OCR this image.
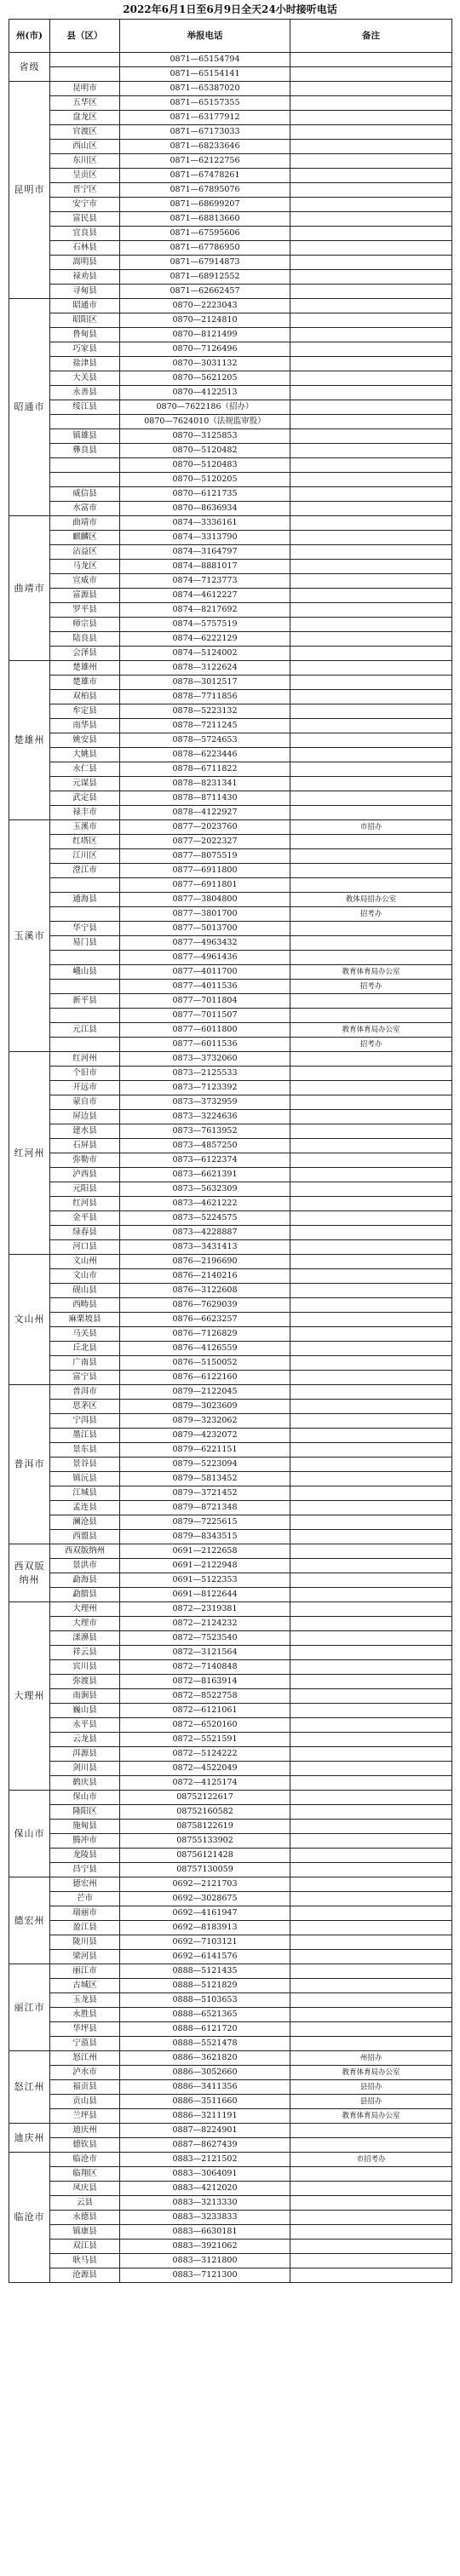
2022年6月1日至6月9日全天24小时接听电话
州(市)	县（区）	举报电话	备注
省级		0871—65154794	
		0871—65154141	
昆明市	昆明市	0871—65387020	
	五华区	0871—65157355	
	盘龙区	0871—63177912	
	官渡区	0871—67173033	
	西山区	0871—68233646	
	东川区	0871—62122756	
	呈贡区	0871—67478261	
	晋宁区	0871—67895076	
	安宁市	0871—68699207	
	富民县	0871—68813660	
	宜良县	0871—67595606	
	石林县	0871—67786950	
	嵩明县	0871—67914873	
	禄劝县	0871—68912552	
	寻甸县	0871—62662457	
昭通市	昭通市	0870—2223043	
	昭阳区	0870—2124810	
	鲁甸县	0870—8121499	
	巧家县	0870—7126496	
	盐津县	0870—3031132	
	大关县	0870—5621205	
	永善县	0870—4122513	
	绥江县	0870—7622186（招办）	
		0870—7624010（法规监审股）	
	镇雄县	0870—3125853	
	彝良县	0870—5120482	
		0870—5120483	
		0870—5120205	
	威信县	0870—6121735	
	水富市	0870—8636934	
曲靖市	曲靖市	0874—3336161	
	麒麟区	0874—3313790	
	沾益区	0874—3164797	
	马龙区	0874—8881017	
	宣威市	0874—7123773	
	富源县	0874—4612227	
	罗平县	0874—8217692	
	师宗县	0874—5757519	
	陆良县	0874—6222129	
	会泽县	0874—5124002	
楚雄州	楚雄州	0878—3122624	
	楚雄市	0878—3012517	
	双柏县	0878—7711856	
	牟定县	0878—5223132	
	南华县	0878—7211245	
	姚安县	0878—5724653	
	大姚县	0878—6223446	
	永仁县	0878—6711822	
	元谋县	0878—8231341	
	武定县	0878—8711430	
	禄丰市	0878—4122927	
玉溪市	玉溪市	0877—2023760	市招办
	红塔区	0877—2022327	
	江川区	0877—8075519	
	澄江市	0877—6911800	
		0877—6911801	
	通海县	0877—3804800	教体局招办公室
		0877—3801700	招考办
	华宁县	0877—5013700	
	易门县	0877—4963432	
		0877—4961436	
	峨山县	0877—4011700	教育体育局办公室
		0877—4011536	招考办
	新平县	0877—7011804	
		0877—7011507	
	元江县	0877—6011800	教育体育局办公室
		0877—6011536	招考办
红河州	红河州	0873—3732060	
	个旧市	0873—2125533	
	开远市	0873—7123392	
	蒙自市	0873—3732959	
	屏边县	0873—3224636	
	建水县	0873—7613952	
	石屏县	0873—4857250	
	弥勒市	0873—6122374	
	泸西县	0873—6621391	
	元阳县	0873—5632309	
	红河县	0873—4621222	
	金平县	0873—5224575	
	绿春县	0873—4228887	
	河口县	0873—3431413	
文山州	文山州	0876—2196690	
	文山市	0876—2140216	
	砚山县	0876—3122608	
	西畴县	0876—7629039	
	麻栗坡县	0876—6623257	
	马关县	0876—7126829	
	丘北县	0876—4126559	
	广南县	0876—5150052	
	富宁县	0876—6122160	
普洱市	普洱市	0879—2122045	
	思茅区	0879—3023609	
	宁洱县	0879—3232062	
	墨江县	0879—4232072	
	景东县	0879—6221151	
	景谷县	0879—5223094	
	镇沅县	0879—5813452	
	江城县	0879—3721452	
	孟连县	0879—8721348	
	澜沧县	0879—7225615	
	西盟县	0879—8343515	
西双版纳州	西双版纳州	0691—2122658	
	景洪市	0691—2122948	
	勐海县	0691—5122353	
	勐腊县	0691—8122644	
大理州	大理州	0872—2319381	
	大理市	0872—2124232	
	漾濞县	0872—7523540	
	祥云县	0872—3121564	
	宾川县	0872—7140848	
	弥渡县	0872—8163914	
	南涧县	0872—8522758	
	巍山县	0872—6121061	
	永平县	0872—6520160	
	云龙县	0872—5521591	
	洱源县	0872—5124222	
	剑川县	0872—4522049	
	鹤庆县	0872—4125174	
保山市	保山市	08752122617	
	隆阳区	08752160582	
	施甸县	08758122619	
	腾冲市	08755133902	
	龙陵县	08756121428	
	昌宁县	08757130059	
德宏州	德宏州	0692—2121703	
	芒市	0692—3028675	
	瑞丽市	0692—4161947	
	盈江县	0692—8183913	
	陇川县	0692—7103121	
	梁河县	0692—6141576	
丽江市	丽江市	0888—5121435	
	古城区	0888—5121829	
	玉龙县	0888—5103653	
	永胜县	0888—6521365	
	华坪县	0888—6121720	
	宁蒗县	0888—5521478	
怒江州	怒江州	0886—3621820	州招办
	泸水市	0886—3052660	教育体育局办公室
	福贡县	0886—3411356	县招办
	贡山县	0886—3511660	县招办
	兰坪县	0886—3211191	教育体育局办公室
迪庆州	迪庆州	0887—8224901	
	德钦县	0887—8627439	
临沧市	临沧市	0883—2121502	市招考办
	临翔区	0883—3064091	
	凤庆县	0883—4212020	
	云县	0883—3213330	
	永德县	0883—3233833	
	镇康县	0883—6630181	
	双江县	0883—3921062	
	耿马县	0883—3121800	
	沧源县	0883—7121300	
